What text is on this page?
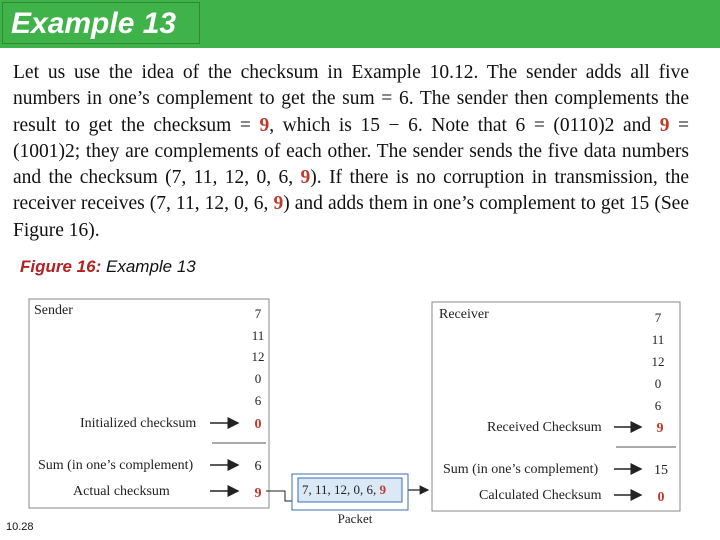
Example 13
Let us use the idea of the checksum in Example 10.12. The sender adds all five numbers in one’s complement to get the sum = 6. The sender then complements the result to get the checksum = 9, which is 15 − 6. Note that 6 = (0110)2 and 9 = (1001)2; they are complements of each other. The sender sends the five data numbers and the checksum (7, 11, 12, 0, 6, 9). If there is no corruption in transmission, the receiver receives (7, 11, 12, 0, 6, 9) and adds them in one’s complement to get 15 (See Figure 16).
Figure 16: Example 13
Sender	7
11
12
0
6
Initialized checksum	0
Sum (in one’s complement)	6
Actual checksum	9	7, 11, 12, 0, 6, 9
Packet
Receiver	7
11
12
0
6
Received Checksum	9
Sum (in one’s complement)	15
Calculated Checksum	0
10.28
